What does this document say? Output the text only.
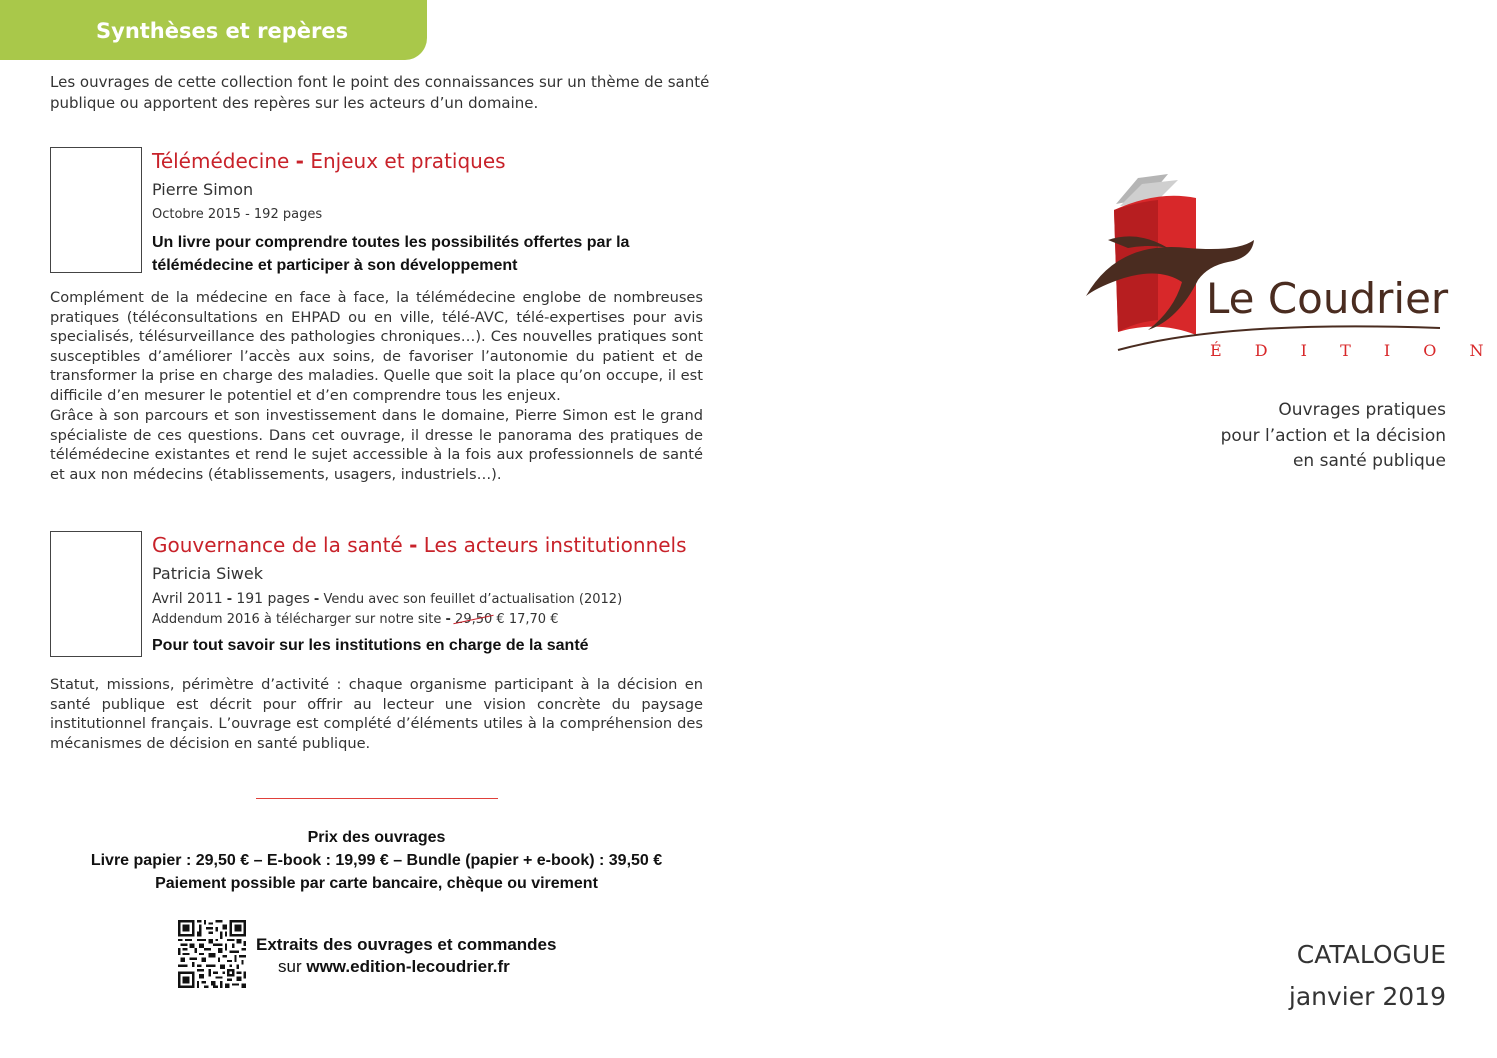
Synthèses et repères

Les ouvrages de cette collection font le point des connaissances sur un thème de santé publique ou apportent des repères sur les acteurs d’un domaine.

Télémédecine - Enjeux et pratiques
Pierre Simon
Octobre 2015 - 192 pages
Un livre pour comprendre toutes les possibilités offertes par la télémédecine et participer à son développement

Complément de la médecine en face à face, la télémédecine englobe de nombreuses pratiques (téléconsultations en EHPAD ou en ville, télé-AVC, télé-expertises pour avis specialisés, télésurveillance des pathologies chroniques…). Ces nouvelles pratiques sont susceptibles d’améliorer l’accès aux soins, de favoriser l’autonomie du patient et de transformer la prise en charge des maladies. Quelle que soit la place qu’on occupe, il est difficile d’en mesurer le potentiel et d’en comprendre tous les enjeux.

Grâce à son parcours et son investissement dans le domaine, Pierre Simon est le grand spécialiste de ces questions. Dans cet ouvrage, il dresse le panorama des pratiques de télémédecine existantes et rend le sujet accessible à la fois aux professionnels de santé et aux non médecins (établissements, usagers, industriels…).

Gouvernance de la santé - Les acteurs institutionnels
Patricia Siwek
Avril 2011 - 191 pages - Vendu avec son feuillet d’actualisation (2012)
Addendum 2016 à télécharger sur notre site - 29,50 € 17,70 €
Pour tout savoir sur les institutions en charge de la santé

Statut, missions, périmètre d’activité : chaque organisme participant à la décision en santé publique est décrit pour offrir au lecteur une vision concrète du paysage institutionnel français. L’ouvrage est complété d’éléments utiles à la compréhension des mécanismes de décision en santé publique.

Prix des ouvrages
Livre papier : 29,50 € – E-book : 19,99 € – Bundle (papier + e-book) : 39,50 €
Paiement possible par carte bancaire, chèque ou virement
Extraits des ouvrages et commandes
sur www.edition-lecoudrier.fr
Le Coudrier
É D I T I O N
Ouvrages pratiques
pour l’action et la décision
en santé publique
CATALOGUE
janvier 2019
